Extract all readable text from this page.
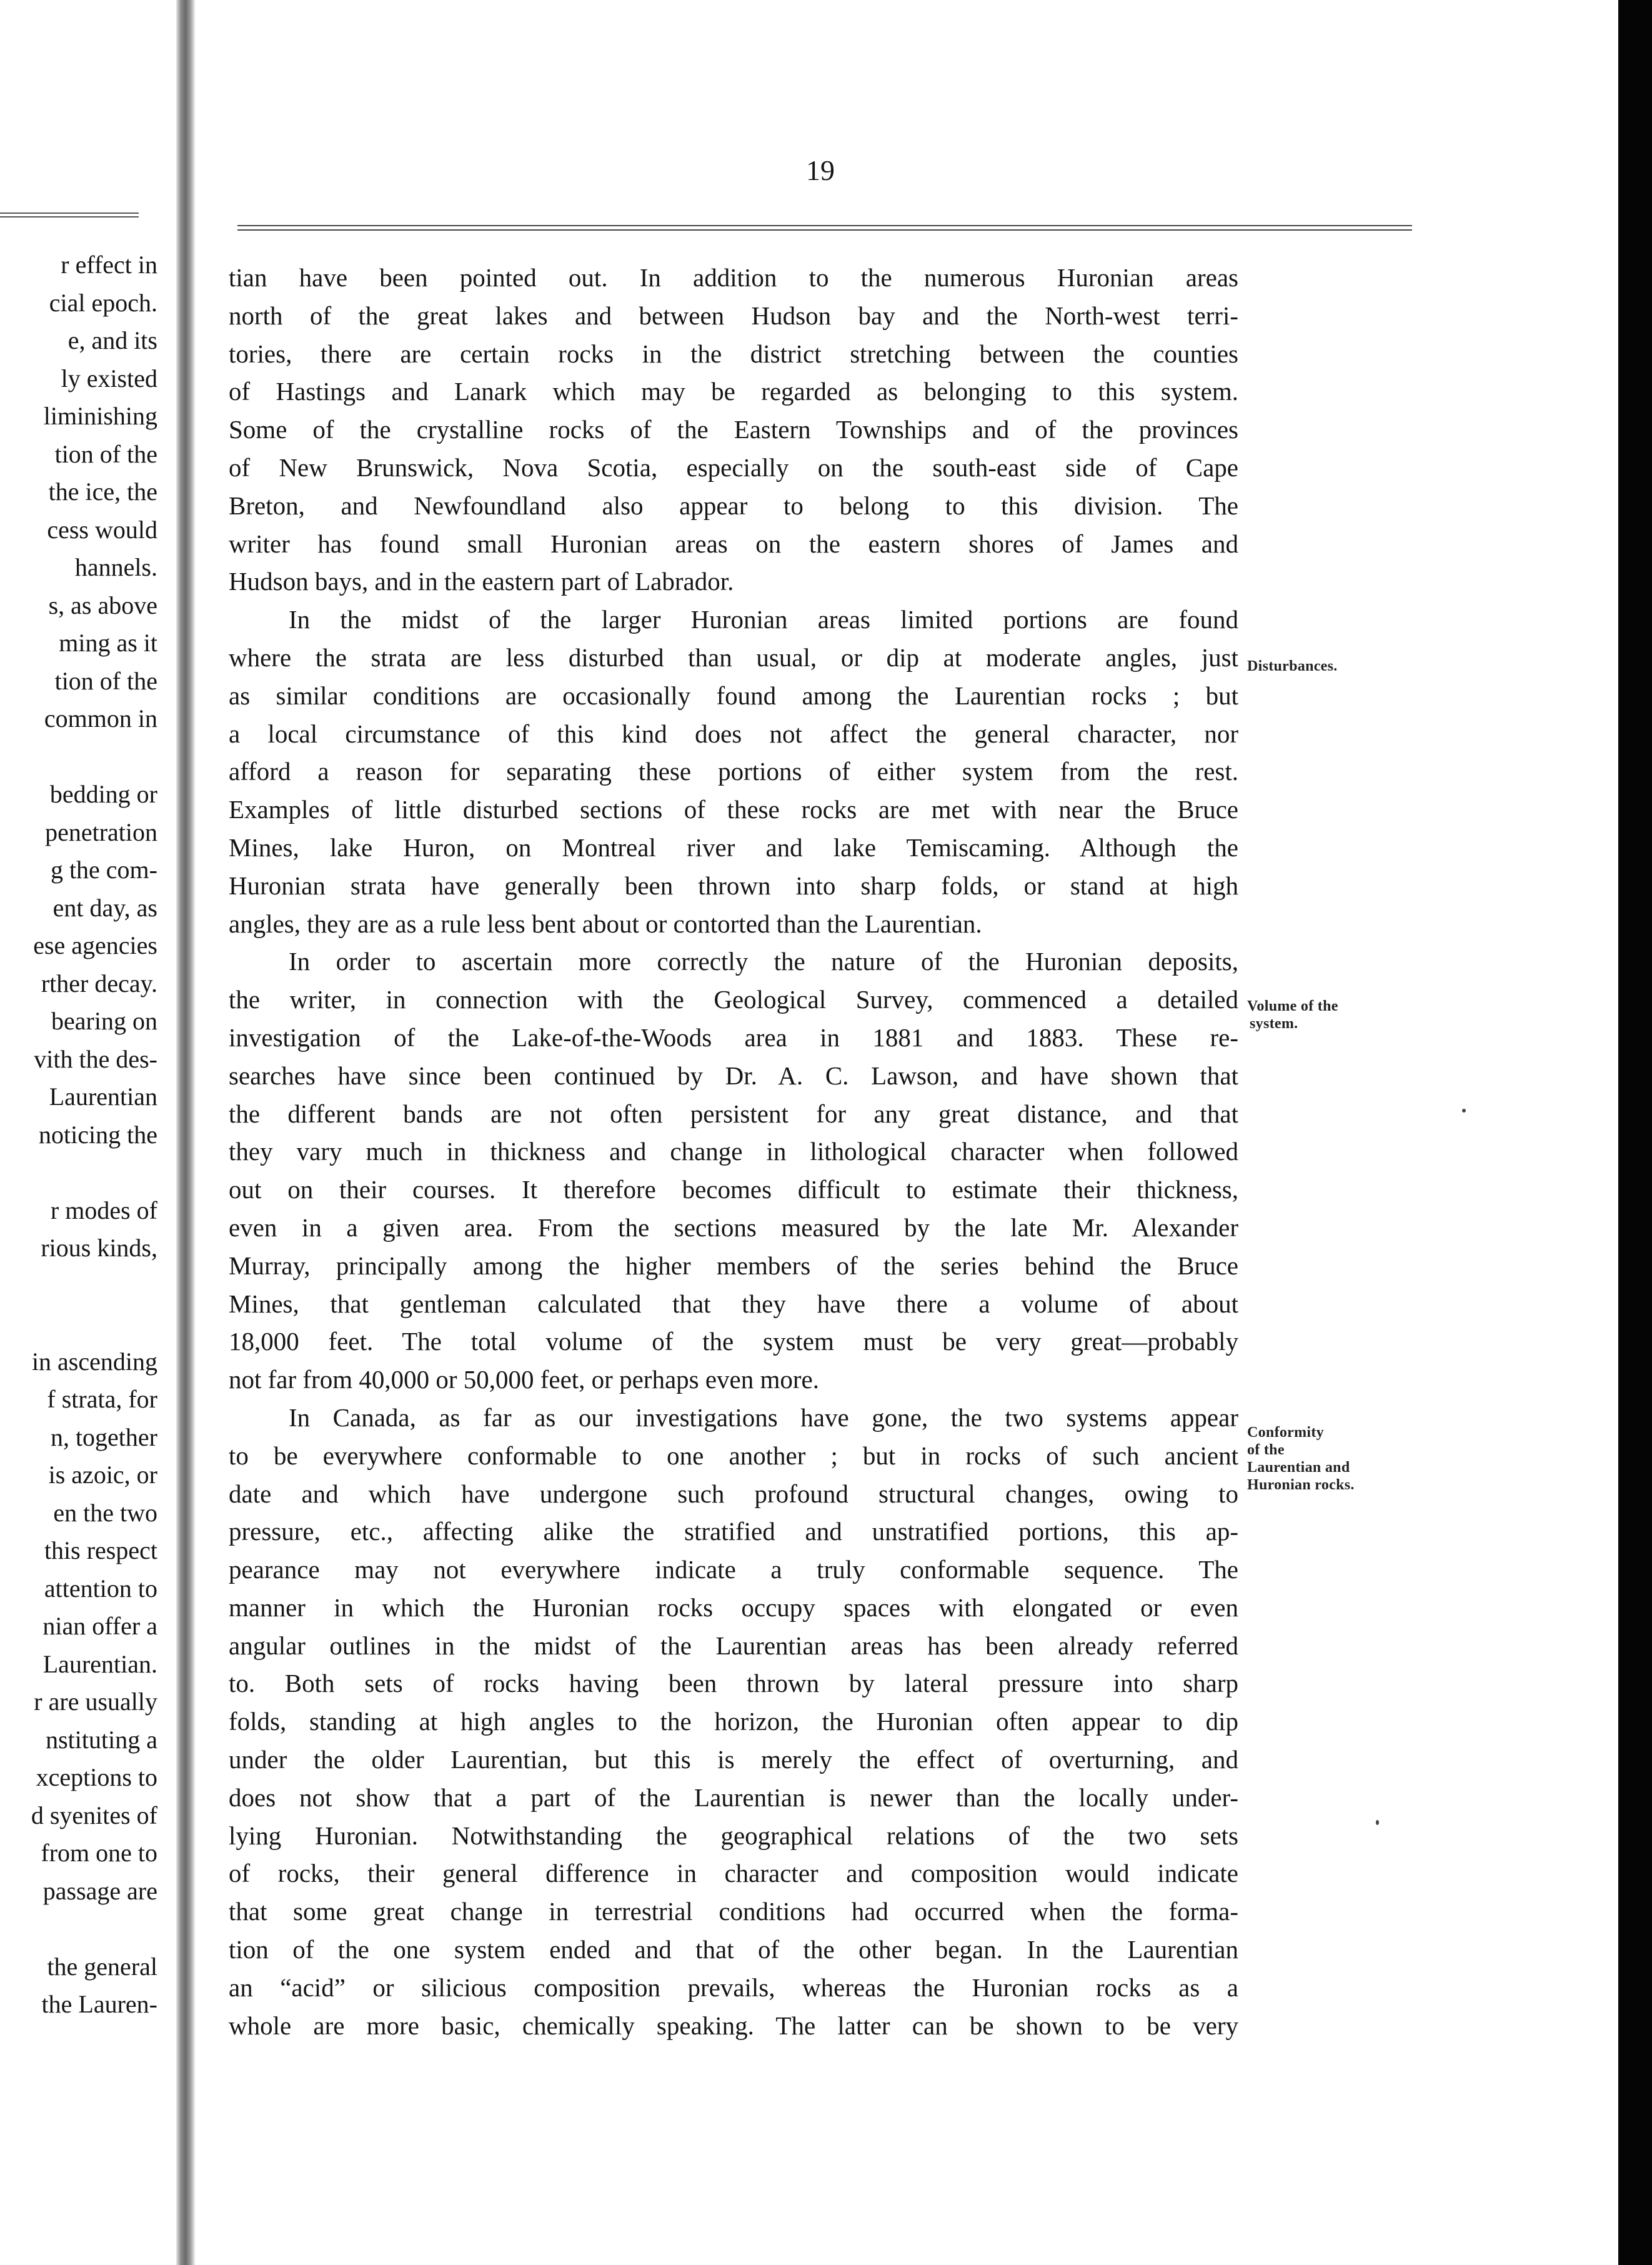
r effect in
cial epoch.
e, and its
ly existed
liminishing
tion of the
the ice, the
cess would
hannels.
s, as above
ming as it
tion of the
common in
bedding or
penetration
g the com-
ent day, as
ese agencies
rther decay.
bearing on
vith the des-
Laurentian
noticing the
r modes of
rious kinds,
in ascending
f strata, for
n, together
is azoic, or
en the two
this respect
attention to
nian offer a
Laurentian.
r are usually
nstituting a
xceptions to
d syenites of
from one to
passage are
the general
the Lauren-
19
tian have been pointed out. In addition to the numerous Huronian areas
north of the great lakes and between Hudson bay and the North-west terri-
tories, there are certain rocks in the district stretching between the counties
of Hastings and Lanark which may be regarded as belonging to this system.
Some of the crystalline rocks of the Eastern Townships and of the provinces
of New Brunswick, Nova Scotia, especially on the south-east side of Cape
Breton, and Newfoundland also appear to belong to this division. The
writer has found small Huronian areas on the eastern shores of James and
Hudson bays, and in the eastern part of Labrador.
In the midst of the larger Huronian areas limited portions are found
where the strata are less disturbed than usual, or dip at moderate angles, just
as similar conditions are occasionally found among the Laurentian rocks ; but
a local circumstance of this kind does not affect the general character, nor
afford a reason for separating these portions of either system from the rest.
Examples of little disturbed sections of these rocks are met with near the Bruce
Mines, lake Huron, on Montreal river and lake Temiscaming. Although the
Huronian strata have generally been thrown into sharp folds, or stand at high
angles, they are as a rule less bent about or contorted than the Laurentian.
In order to ascertain more correctly the nature of the Huronian deposits,
the writer, in connection with the Geological Survey, commenced a detailed
investigation of the Lake-of-the-Woods area in 1881 and 1883. These re-
searches have since been continued by Dr. A. C. Lawson, and have shown that
the different bands are not often persistent for any great distance, and that
they vary much in thickness and change in lithological character when followed
out on their courses. It therefore becomes difficult to estimate their thickness,
even in a given area. From the sections measured by the late Mr. Alexander
Murray, principally among the higher members of the series behind the Bruce
Mines, that gentleman calculated that they have there a volume of about
18,000 feet. The total volume of the system must be very great—probably
not far from 40,000 or 50,000 feet, or perhaps even more.
In Canada, as far as our investigations have gone, the two systems appear
to be everywhere conformable to one another ; but in rocks of such ancient
date and which have undergone such profound structural changes, owing to
pressure, etc., affecting alike the stratified and unstratified portions, this ap-
pearance may not everywhere indicate a truly conformable sequence. The
manner in which the Huronian rocks occupy spaces with elongated or even
angular outlines in the midst of the Laurentian areas has been already referred
to. Both sets of rocks having been thrown by lateral pressure into sharp
folds, standing at high angles to the horizon, the Huronian often appear to dip
under the older Laurentian, but this is merely the effect of overturning, and
does not show that a part of the Laurentian is newer than the locally under-
lying Huronian. Notwithstanding the geographical relations of the two sets
of rocks, their general difference in character and composition would indicate
that some great change in terrestrial conditions had occurred when the forma-
tion of the one system ended and that of the other began. In the Laurentian
an “acid” or silicious composition prevails, whereas the Huronian rocks as a
whole are more basic, chemically speaking. The latter can be shown to be very
Disturbances.
Volume of the
system.
Conformity
of the
Laurentian and
Huronian rocks.
